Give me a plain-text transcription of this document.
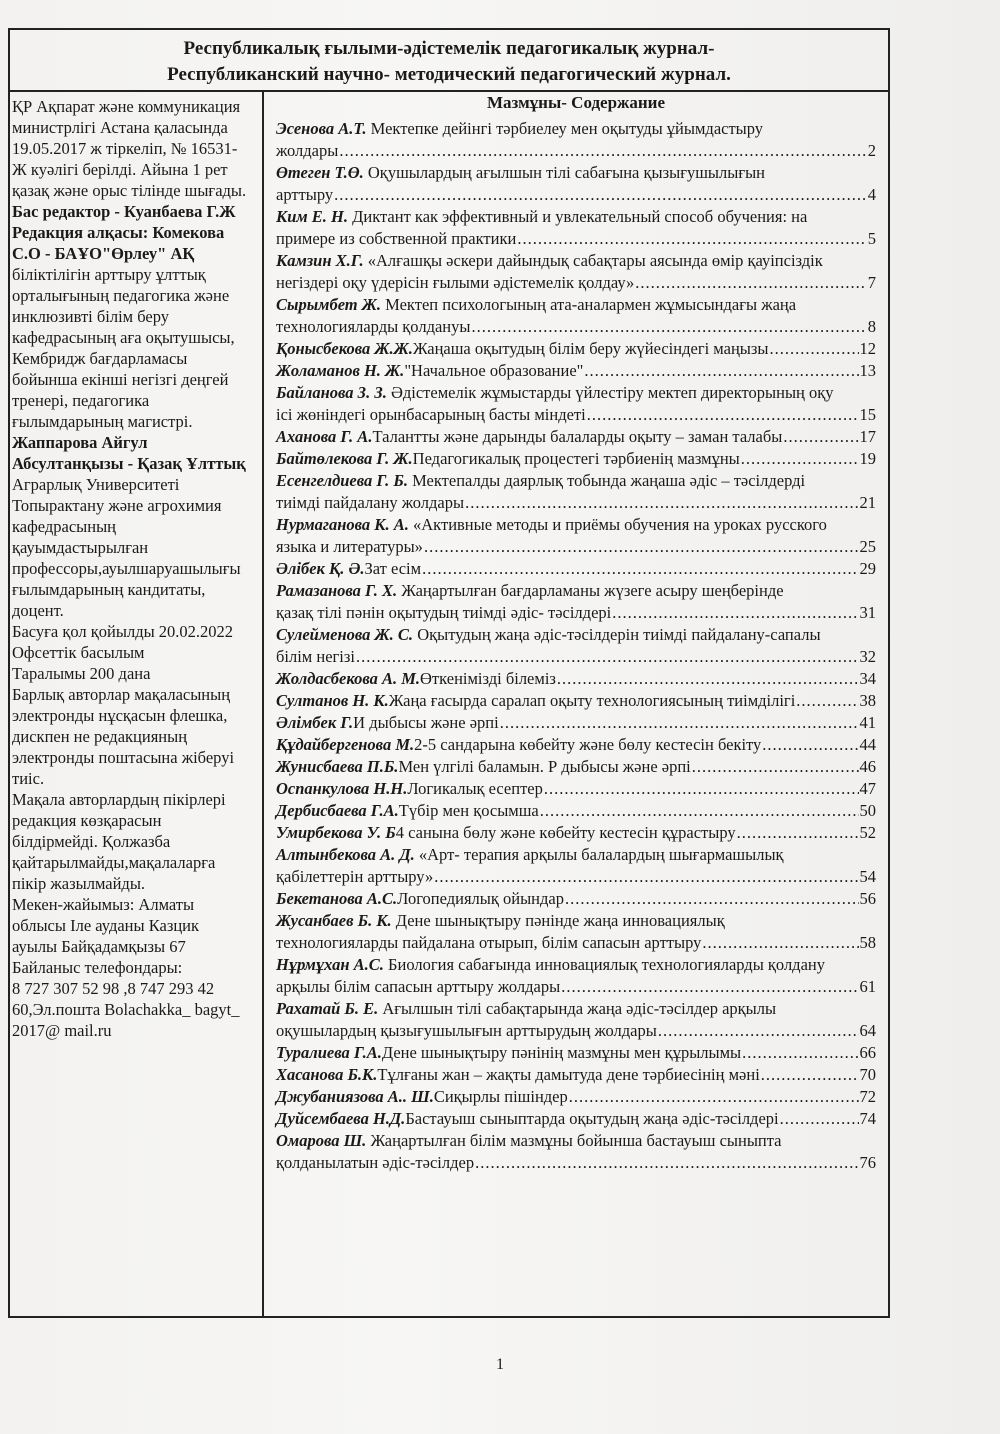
Республикалық ғылыми-әдістемелік педагогикалық журнал-
Республиканский научно- методический педагогический журнал.

ҚР Ақпарат және коммуникация министрлігі Астана қаласында 19.05.2017 ж тіркеліп, № 16531-Ж куәлігі берілді. Айына 1 рет қазақ және орыс тілінде шығады.

Бас редактор - Куанбаева Г.Ж

Редакция алқасы: Комекова С.О - БАҰО"Өрлеу" АҚ

біліктілігін арттыру ұлттық орталығының педагогика және инклюзивті білім беру кафедрасының аға оқытушысы, Кембридж бағдарламасы бойынша екінші негізгі деңгей тренері, педагогика ғылымдарының магистрі.

Жаппарова Айгул Абсултанқызы - Қазақ Ұлттық

Аграрлық Университеті Топырактану және агрохимия кафедрасының қауымдастырылған профессоры,ауылшаруашылығы ғылымдарының кандитаты, доцент.

Басуға қол қойылды 20.02.2022

Офсеттік басылым

Таралымы 200 дана

Барлық авторлар мақаласының электронды нұсқасын флешка, дискпен не редакцияның электронды поштасына жіберуі тиіс.

Мақала авторлардың пікірлері редакция көзқарасын білдірмейді. Қолжазба қайтарылмайды,мақалаларға пікір жазылмайды.

Мекен-жайымыз: Алматы облысы Іле ауданы Казцик ауылы Байқадамқызы 67

Байланыс телефондары:

8 727 307 52 98 ,8 747 293 42 60,Эл.пошта Bolachakka_ bagyt_ 2017@ mail.ru

Мазмұны- Содержание
Эсенова А.Т. Мектепке дейінгі тәрбиелеу мен оқытуды ұйымдастыру
жолдары .....	2
Өтеген Т.Ө. Оқушылардың ағылшын тілі сабағына қызығушылығын
арттыру .....	4
Ким Е. Н. Диктант как эффективный и увлекательный способ обучения: на
примере из собственной практики .....	5
Камзин Х.Г. «Алғашқы әскери дайындық сабақтары аясында өмір қауіпсіздік
негіздері оқу үдерісін ғылыми әдістемелік қолдау» .....	7
Сырымбет Ж. Мектеп психологының ата-аналармен жұмысындағы жаңа
технологияларды қолдануы .....	8
Қонысбекова Ж.Ж. Жаңаша оқытудың білім беру жүйесіндегі маңызы .....	12
Жоламанов Н. Ж. "Начальное образование" .....	13
Байланова З. З. Әдістемелік жұмыстарды үйлестіру мектеп директорының оқу
ісі жөніндегі орынбасарының басты міндеті .....	15
Аханова Г. А. Талантты және дарынды балаларды оқыту – заман талабы .....	17
Байтөлекова Г. Ж. Педагогикалық процестегі тәрбиенің мазмұны .....	19
Есенгелдиева Г. Б. Мектепалды даярлық тобында жаңаша әдіс – тәсілдерді
тиімді пайдалану жолдары .....	21
Нурмаганова К. А. «Активные методы и приёмы обучения на уроках русского
языка и литературы» .....	25
Әлібек Қ. Ә. Зат есім .....	29
Рамазанова Г. Х. Жаңартылған бағдарламаны жүзеге асыру шеңберінде
қазақ тілі пәнін оқытудың тиімді әдіс- тәсілдері .....	31
Сулейменова Ж. С. Оқытудың жаңа әдіс-тәсілдерін тиімді пайдалану-сапалы
білім негізі .....	32
Жолдасбекова А. М. Өткенімізді білеміз .....	34
Султанов Н. К. Жаңа ғасырда саралап оқыту технологиясының тиімділігі .....	38
Әлімбек Г. И дыбысы және әрпі .....	41
Құдайбергенова М. 2-5 сандарына көбейту және бөлу кестесін бекіту .....	44
Жунисбаева П.Б. Мен үлгілі баламын. Р дыбысы және әрпі .....	46
Оспанкулова Н.Н. Логикалық есептер .....	47
Дербисбаева Г.А. Түбір мен қосымша .....	50
Умирбекова У. Б 4 санына бөлу және көбейту кестесін құрастыру .....	52
Алтынбекова А. Д. «Арт- терапия арқылы балалардың шығармашылық
қабілеттерін арттыру» .....	54
Бекетанова А.С. Логопедиялық ойындар .....	56
Жусанбаев Б. К. Дене шынықтыру пәнінде жаңа инновациялық
технологияларды пайдалана отырып, білім сапасын арттыру .....	58
Нұрмұхан А.С. Биология сабағында инновациялық технологияларды қолдану
арқылы білім сапасын арттыру жолдары .....	61
Рахатай Б. Е. Ағылшын тілі сабақтарында жаңа әдіс-тәсілдер арқылы
оқушылардың қызығушылығын арттырудың жолдары .....	64
Туралиева Г.А. Дене шынықтыру пәнінің мазмұны мен құрылымы .....	66
Хасанова Б.К. Тұлғаны жан – жақты дамытуда дене тәрбиесінің мәні .....	70
Джубаниязова А.. Ш. Сиқырлы пішіндер .....	72
Дуйсембаева Н.Д. Бастауыш сыныптарда оқытудың жаңа әдіс-тәсілдері .....	74
Омарова Ш. Жаңартылған білім мазмұны бойынша бастауыш сыныпта
қолданылатын әдіс-тәсілдер .....	76
1
